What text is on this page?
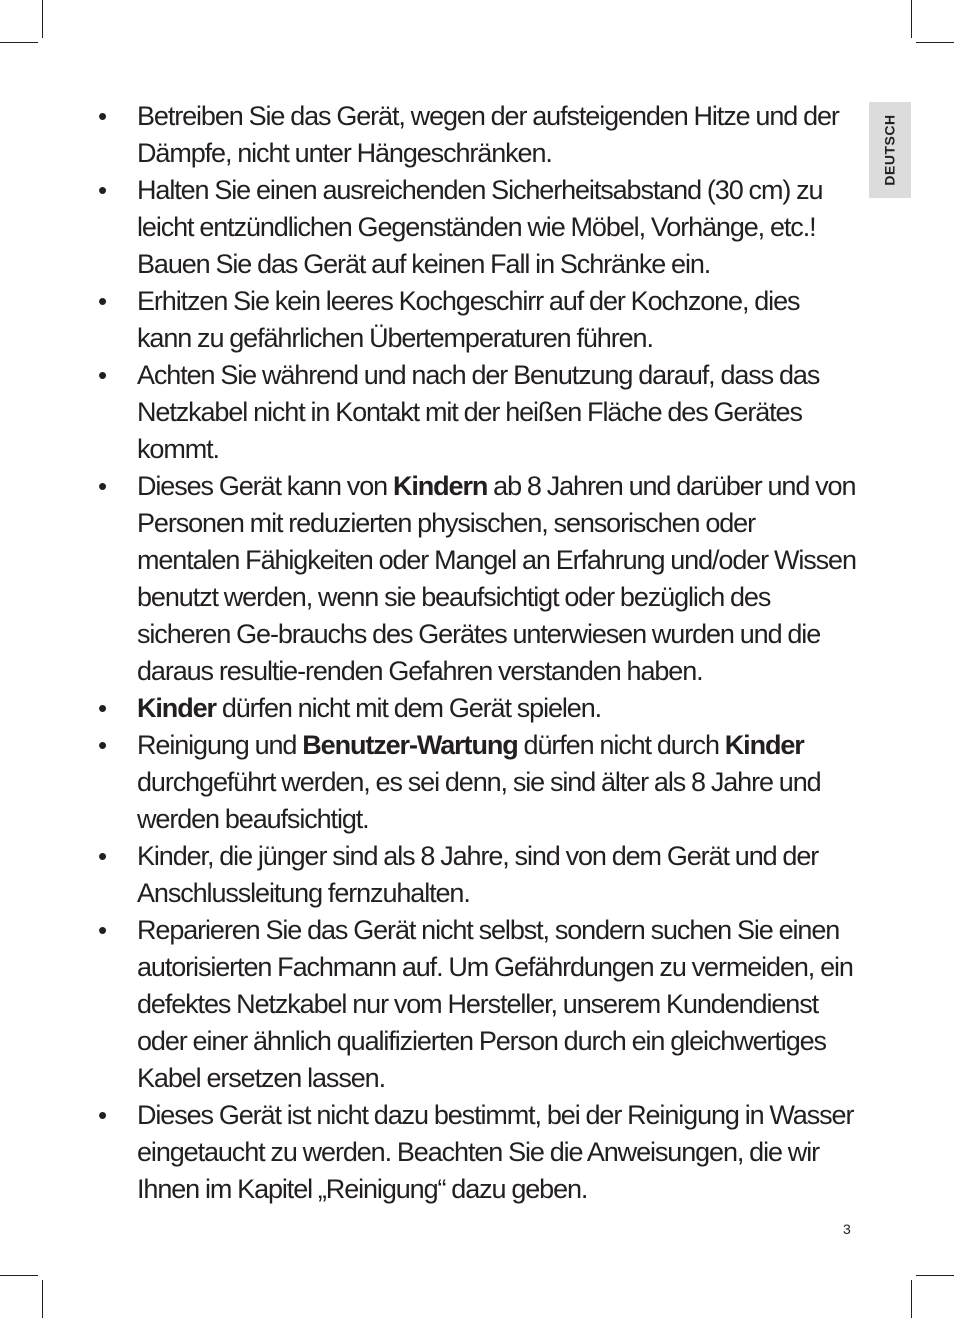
DEUTSCH
•	Betreiben Sie das Gerät, wegen der aufsteigenden Hitze und der Dämpfe, nicht unter Hängeschränken.
•	Halten Sie einen ausreichenden Sicherheitsabstand (30 cm) zu leicht entzündlichen Gegenständen wie Möbel, Vorhänge, etc.! Bauen Sie das Gerät auf keinen Fall in Schränke ein.
•	Erhitzen Sie kein leeres Kochgeschirr auf der Kochzone, dies kann zu gefährlichen Übertemperaturen führen.
•	Achten Sie während und nach der Benutzung darauf, dass das Netzkabel nicht in Kontakt mit der heißen Fläche des Gerätes kommt.
•	Dieses Gerät kann von Kindern ab 8 Jahren und darüber und von Personen mit reduzierten physischen, sensorischen oder mentalen Fähigkeiten oder Mangel an Erfahrung und/oder Wissen benutzt werden, wenn sie beaufsichtigt oder bezüglich des sicheren Ge-brauchs des Gerätes unterwiesen wurden und die daraus resultie-renden Gefahren verstanden haben.
•	Kinder dürfen nicht mit dem Gerät spielen.
•	Reinigung und Benutzer-Wartung dürfen nicht durch Kinder durchgeführt werden, es sei denn, sie sind älter als 8 Jahre und werden beaufsichtigt.
•	Kinder, die jünger sind als 8 Jahre, sind von dem Gerät und der Anschlussleitung fernzuhalten.
•	Reparieren Sie das Gerät nicht selbst, sondern suchen Sie einen autorisierten Fachmann auf. Um Gefährdungen zu vermeiden, ein defektes Netzkabel nur vom Hersteller, unserem Kundendienst oder einer ähnlich qualifizierten Person durch ein gleichwertiges Kabel ersetzen lassen.
•	Dieses Gerät ist nicht dazu bestimmt, bei der Reinigung in Wasser eingetaucht zu werden. Beachten Sie die Anweisungen, die wir Ihnen im Kapitel „Reinigung“ dazu geben.
3
